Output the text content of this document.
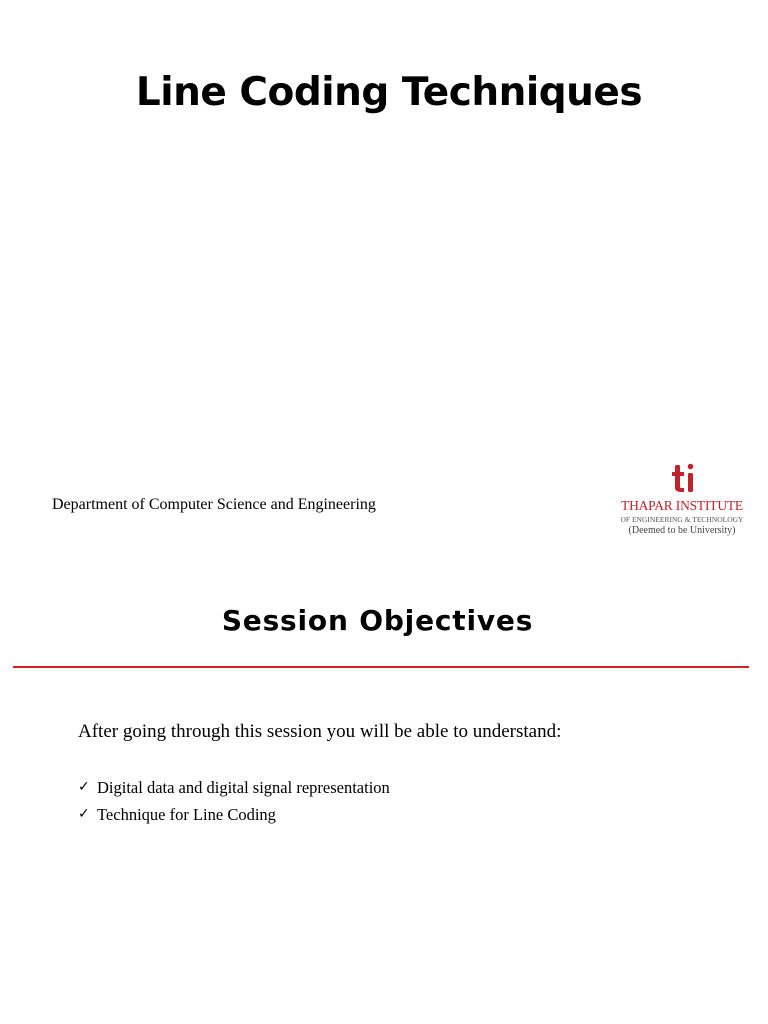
Line Coding Techniques
Department of Computer Science and Engineering	THAPAR INSTITUTE
OF ENGINEERING & TECHNOLOGY
(Deemed to be University)
Session Objectives
After going through this session you will be able to understand:
✓ Digital data and digital signal representation
✓ Technique for Line Coding
